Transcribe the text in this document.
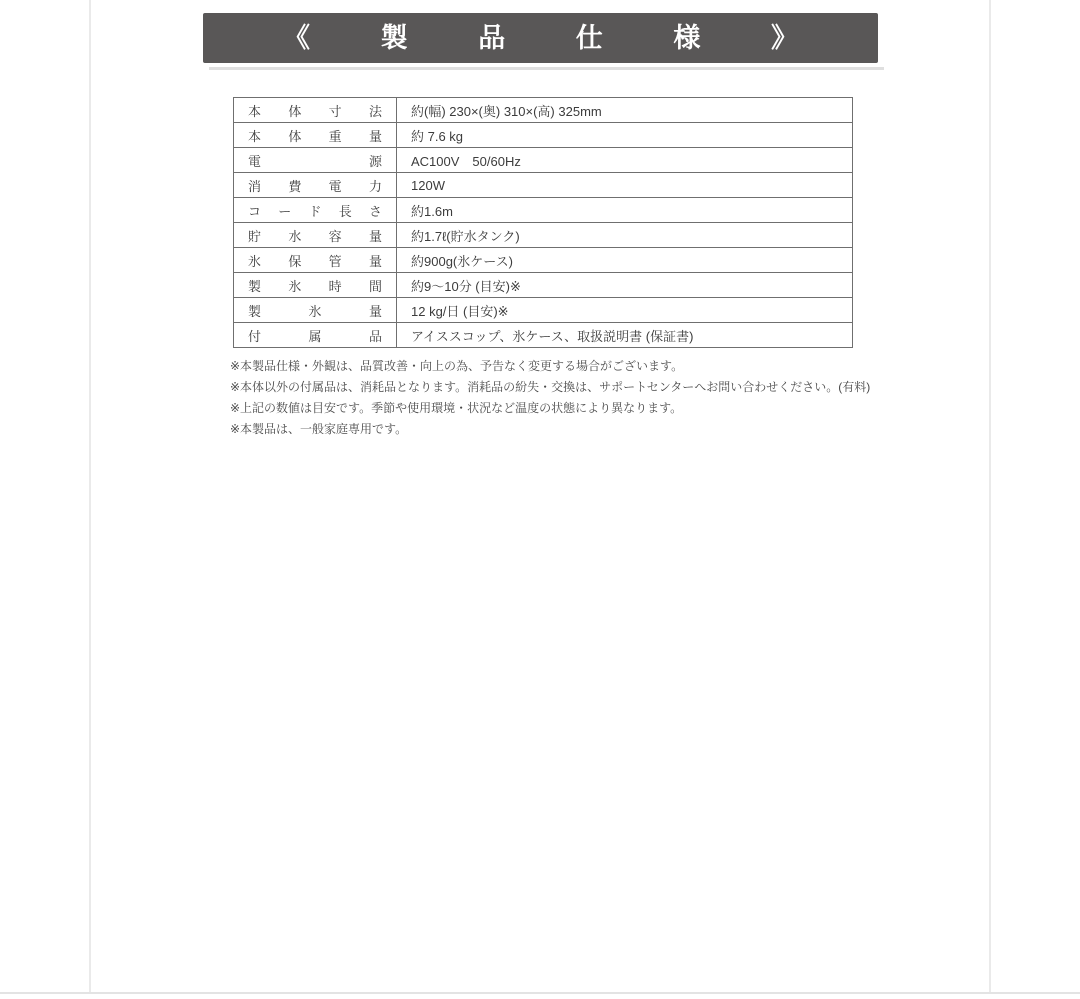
《	製	品	仕	様	》
本体寸法	約(幅) 230×(奥) 310×(高) 325mm
本体重量	約 7.6 kg
電源	AC100V　50/60Hz
消費電力	120W
コード長さ	約1.6m
貯水容量	約1.7ℓ(貯水タンク)
氷保管量	約900g(氷ケース)
製氷時間	約9〜10分 (目安)※
製氷量	12 kg/日 (目安)※
付属品	アイススコップ、氷ケース、取扱説明書 (保証書)
※本製品仕様・外観は、品質改善・向上の為、予告なく変更する場合がございます。
※本体以外の付属品は、消耗品となります。消耗品の紛失・交換は、サポートセンターへお問い合わせください。(有料)
※上記の数値は目安です。季節や使用環境・状況など温度の状態により異なります。
※本製品は、一般家庭専用です。
